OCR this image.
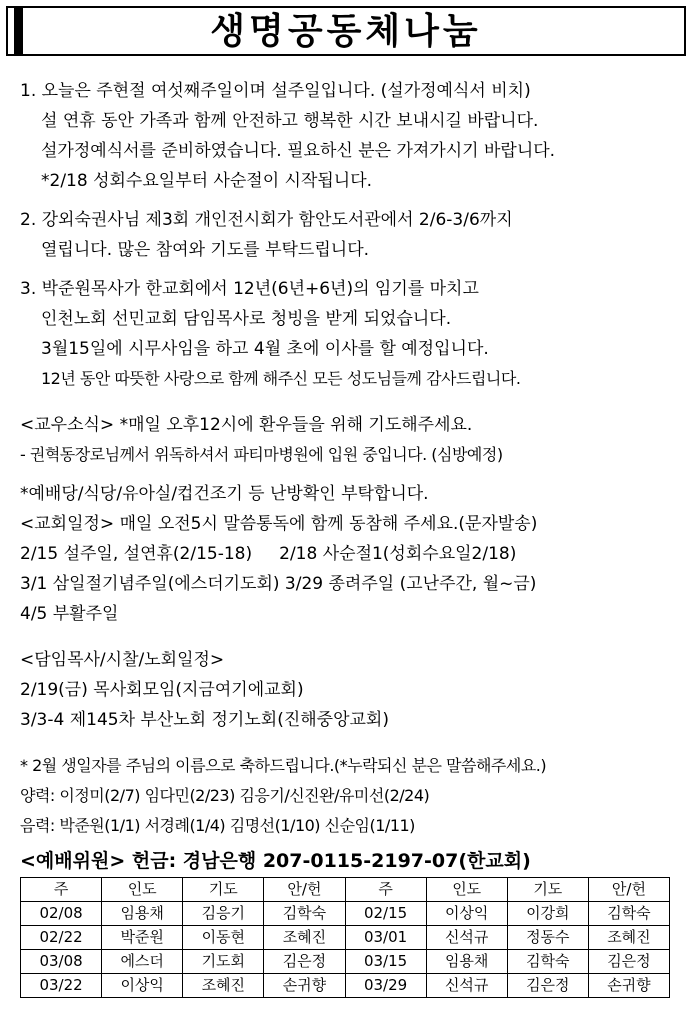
생명공동체나눔
1. 오늘은 주현절 여섯째주일이며 설주일입니다. (설가정예식서 비치)
설 연휴 동안 가족과 함께 안전하고 행복한 시간 보내시길 바랍니다.
설가정예식서를 준비하였습니다. 필요하신 분은 가져가시기 바랍니다.
*2/18 성회수요일부터 사순절이 시작됩니다.
2. 강외숙권사님 제3회 개인전시회가 함안도서관에서 2/6-3/6까지
열립니다. 많은 참여와 기도를 부탁드립니다.
3. 박준원목사가 한교회에서 12년(6년+6년)의 임기를 마치고
인천노회 선민교회 담임목사로 청빙을 받게 되었습니다.
3월15일에 시무사임을 하고 4월 초에 이사를 할 예정입니다.
12년 동안 따뜻한 사랑으로 함께 해주신 모든 성도님들께 감사드립니다.
<교우소식> *매일 오후12시에 환우들을 위해 기도해주세요.
- 권혁동장로님께서 위독하셔서 파티마병원에 입원 중입니다. (심방예정)
*예배당/식당/유아실/컵건조기 등 난방확인 부탁합니다.
<교회일정> 매일 오전5시 말씀통독에 함께 동참해 주세요.(문자발송)
2/15 설주일, 설연휴(2/15-18)     2/18 사순절1(성회수요일2/18)
3/1 삼일절기념주일(에스더기도회) 3/29 종려주일 (고난주간, 월~금)
4/5 부활주일
<담임목사/시찰/노회일정>
2/19(금) 목사회모임(지금여기에교회)
3/3-4 제145차 부산노회 정기노회(진해중앙교회)
* 2월 생일자를 주님의 이름으로 축하드립니다.(*누락되신 분은 말씀해주세요.)
양력: 이정미(2/7) 임다민(2/23) 김응기/신진완/유미선(2/24)
음력: 박준원(1/1) 서경례(1/4) 김명선(1/10) 신순임(1/11)
<예배위원> 헌금: 경남은행 207-0115-2197-07(한교회)
주	인도	기도	안/헌	주	인도	기도	안/헌
02/08	임용채	김응기	김학숙	02/15	이상익	이강희	김학숙
02/22	박준원	이동현	조혜진	03/01	신석규	정동수	조혜진
03/08	에스더	기도회	김은정	03/15	임용채	김학숙	김은정
03/22	이상익	조혜진	손귀향	03/29	신석규	김은정	손귀향
